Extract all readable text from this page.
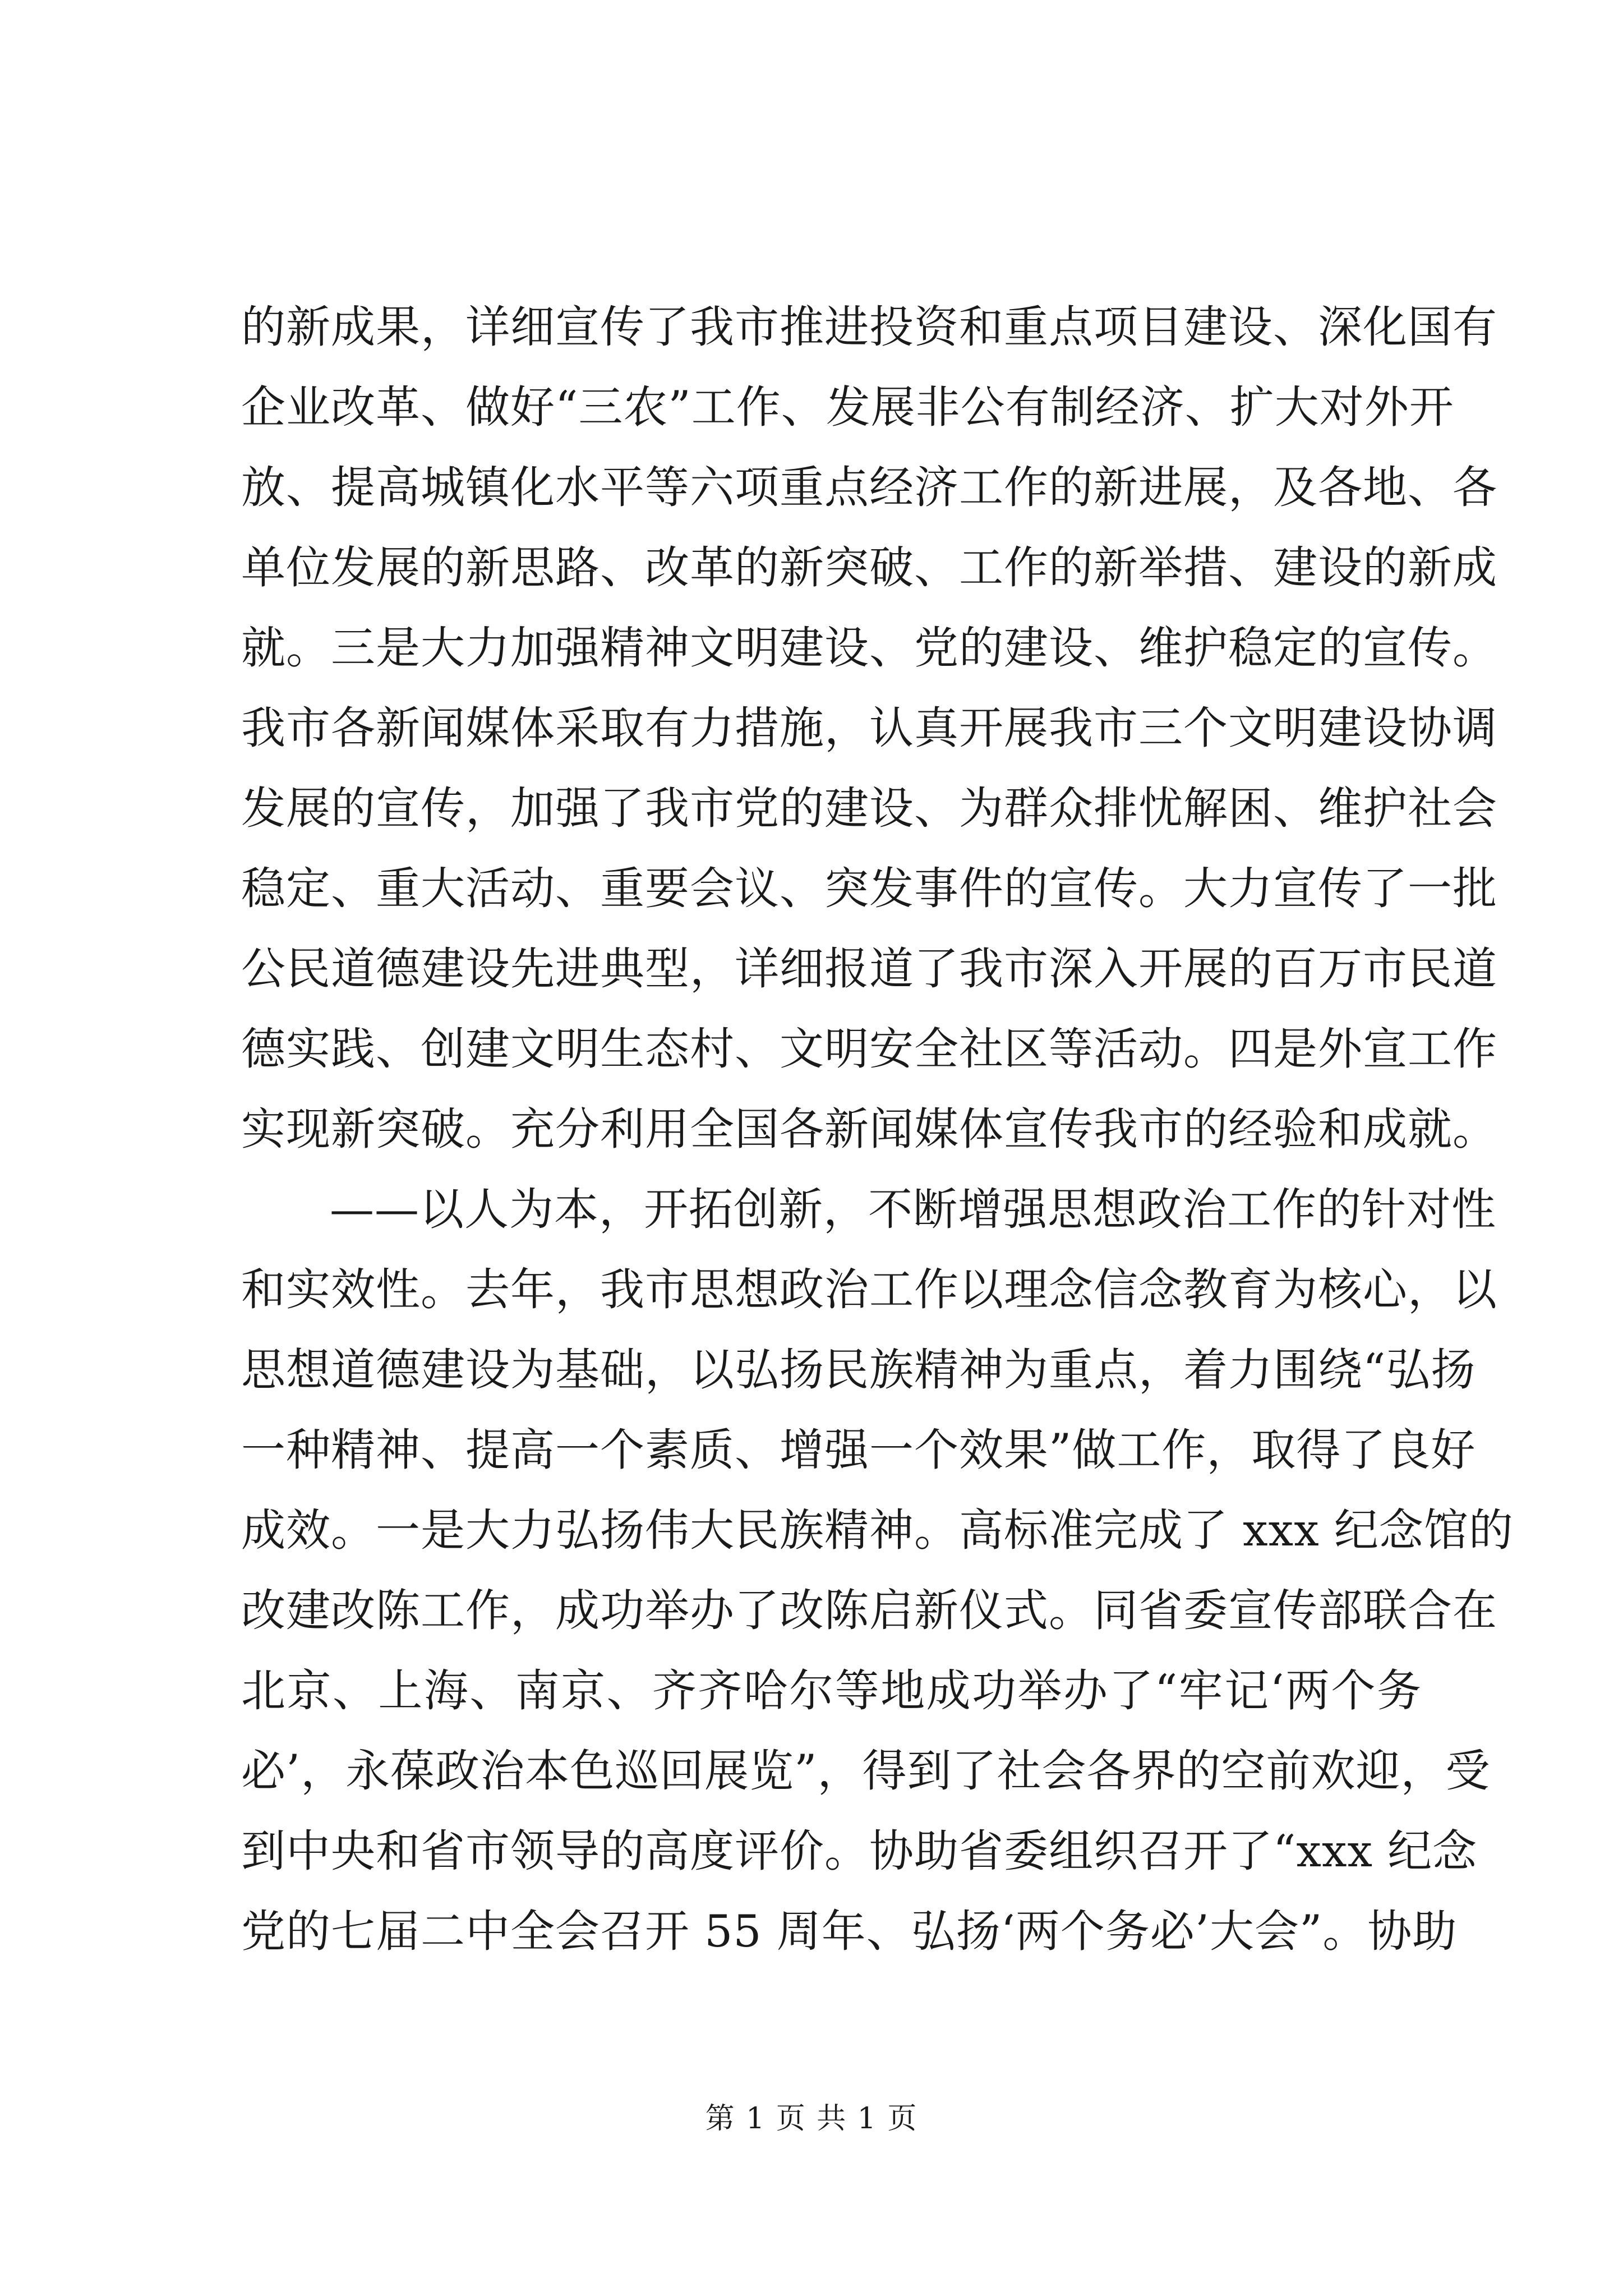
的新成果，详细宣传了我市推进投资和重点项目建设、深化国有
企业改革、做好“三农”工作、发展非公有制经济、扩大对外开
放、提高城镇化水平等六项重点经济工作的新进展，及各地、各
单位发展的新思路、改革的新突破、工作的新举措、建设的新成
就。三是大力加强精神文明建设、党的建设、维护稳定的宣传。
我市各新闻媒体采取有力措施，认真开展我市三个文明建设协调
发展的宣传，加强了我市党的建设、为群众排忧解困、维护社会
稳定、重大活动、重要会议、突发事件的宣传。大力宣传了一批
公民道德建设先进典型，详细报道了我市深入开展的百万市民道
德实践、创建文明生态村、文明安全社区等活动。四是外宣工作
实现新突破。充分利用全国各新闻媒体宣传我市的经验和成就。
——以人为本，开拓创新，不断增强思想政治工作的针对性
和实效性。去年，我市思想政治工作以理念信念教育为核心，以
思想道德建设为基础，以弘扬民族精神为重点，着力围绕“弘扬
一种精神、提高一个素质、增强一个效果”做工作，取得了良好
成效。一是大力弘扬伟大民族精神。高标准完成了 xxx 纪念馆的
改建改陈工作，成功举办了改陈启新仪式。同省委宣传部联合在
北京、上海、南京、齐齐哈尔等地成功举办了“牢记‘两个务
必’，永葆政治本色巡回展览”，得到了社会各界的空前欢迎，受
到中央和省市领导的高度评价。协助省委组织召开了“xxx 纪念
党的七届二中全会召开 55 周年、弘扬‘两个务必’大会”。协助
第 1 页 共 1 页
